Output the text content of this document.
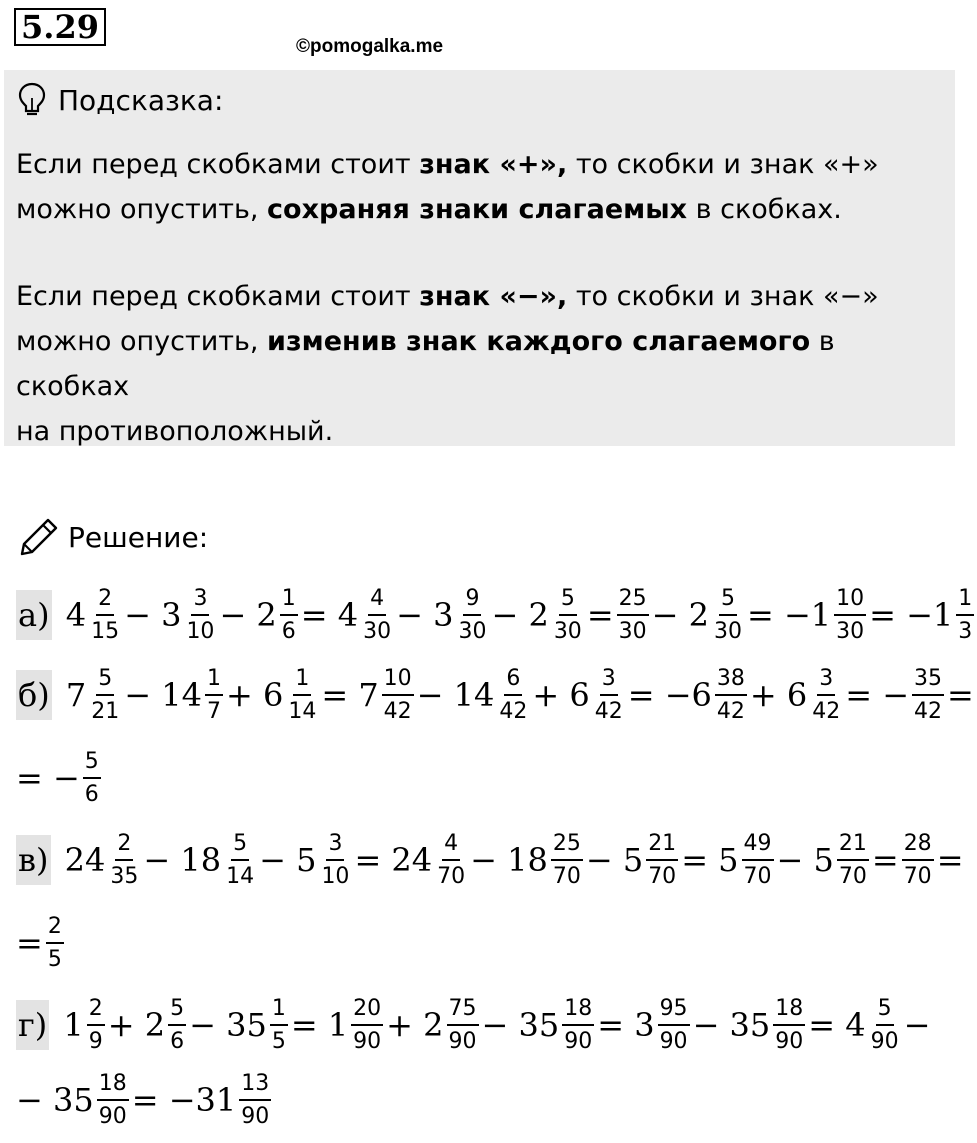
5.29
©pomogalka.me
Подсказка:
Если перед скобками стоит знак «+», то скобки и знак «+»
можно опустить, сохраняя знаки слагаемых в скобках.
Если перед скобками стоит знак «−», то скобки и знак «−»
можно опустить, изменив знак каждого слагаемого в скобках
на противоположный.
Решение:
а) $4 \frac{2}{15} - 3 \frac{3}{10} - 2 \frac{1}{6} = 4 \frac{4}{30} - 3 \frac{9}{30} - 2 \frac{5}{30} = \frac{25}{30} - 2 \frac{5}{30} = -1 \frac{10}{30} = -1 \frac{1}{3}$
б) $7 \frac{5}{21} - 14 \frac{1}{7} + 6 \frac{1}{14} = 7 \frac{10}{42} - 14 \frac{6}{42} + 6 \frac{3}{42} = -6 \frac{38}{42} + 6 \frac{3}{42}$ = − $\frac{35}{42}$ =
= − $\frac{5}{6}$
в) $24 \frac{2}{35} - 18 \frac{5}{14} - 5 \frac{3}{10} = 24 \frac{4}{70} - 18 \frac{25}{70} - 5 \frac{21}{70} = 5 \frac{49}{70} - 5 \frac{21}{70} = \frac{28}{70}$ =
= $\frac{2}{5}$
г) $1 \frac{2}{9} + 2 \frac{5}{6} - 35 \frac{1}{5} = 1 \frac{20}{90} + 2 \frac{75}{90} - 35 \frac{18}{90} = 3 \frac{95}{90} - 35 \frac{18}{90} = 4 \frac{5}{90}$ −
− $35 \frac{18}{90} = -31 \frac{13}{90}$
